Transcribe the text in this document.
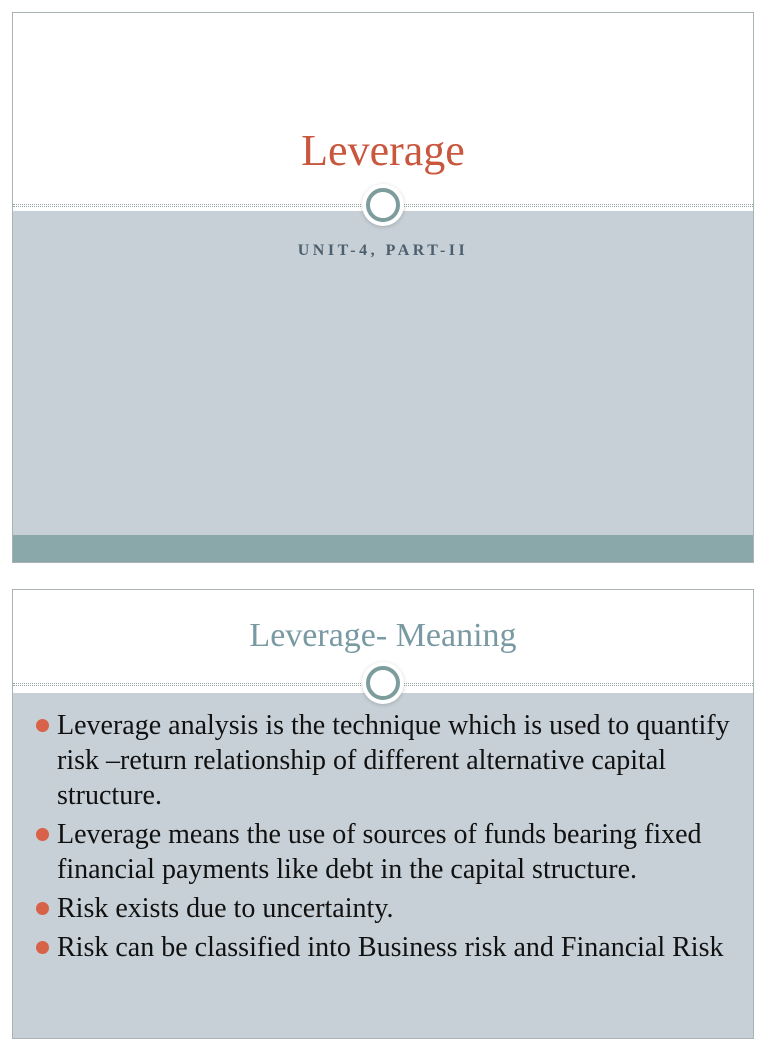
Leverage
UNIT-4, PART-II
Leverage- Meaning
Leverage analysis is the technique which is used to quantify risk –return relationship of different alternative capital structure.
Leverage means the use of sources of funds bearing fixed financial payments like debt in the capital structure.
Risk exists due to uncertainty.
Risk can be classified into Business risk and Financial Risk
